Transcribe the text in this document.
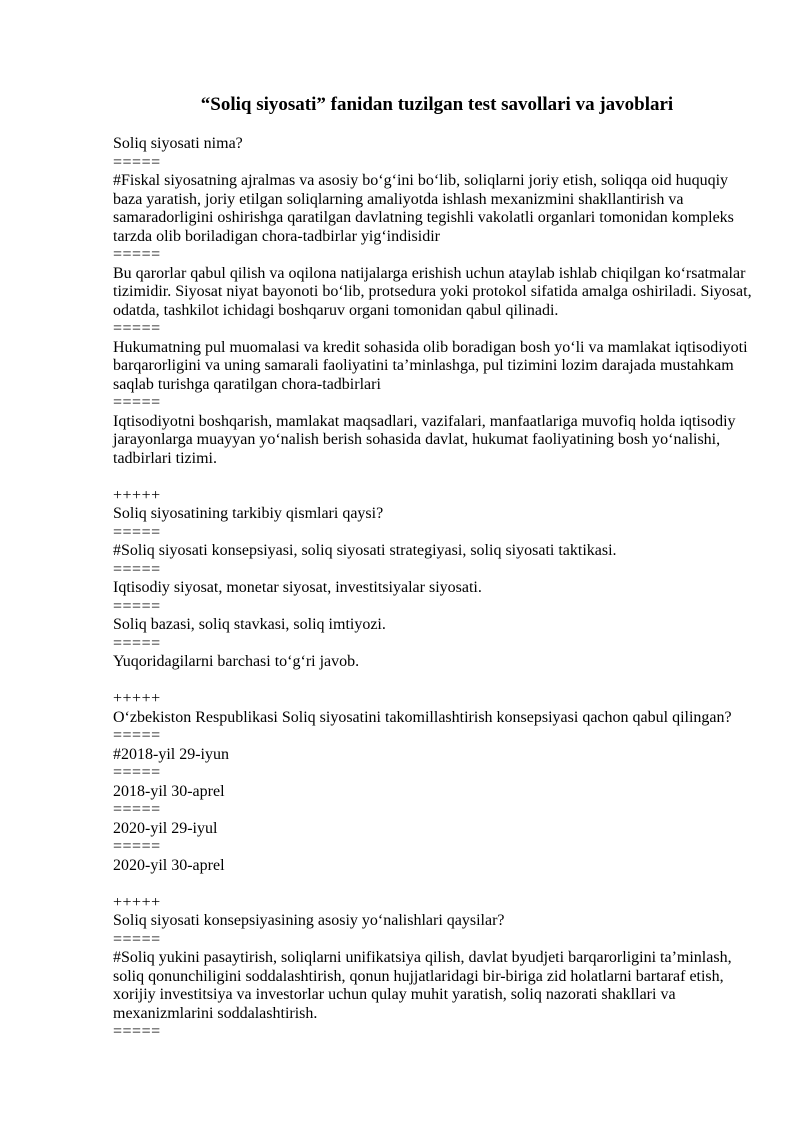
“Soliq siyosati” fanidan tuzilgan test savollari va javoblari
Soliq siyosati nima?
=====
#Fiskal siyosatning ajralmas va asosiy boʻgʻini boʻlib, soliqlarni joriy etish, soliqqa oid huquqiy baza yaratish, joriy etilgan soliqlarning amaliyotda ishlash mexanizmini shakllantirish va samaradorligini oshirishga qaratilgan davlatning tegishli vakolatli organlari tomonidan kompleks tarzda olib boriladigan chora-tadbirlar yigʻindisidir
=====
Bu qarorlar qabul qilish va oqilona natijalarga erishish uchun ataylab ishlab chiqilgan koʻrsatmalar tizimidir. Siyosat niyat bayonoti boʻlib, protsedura yoki protokol sifatida amalga oshiriladi. Siyosat, odatda, tashkilot ichidagi boshqaruv organi tomonidan qabul qilinadi.
=====
Hukumatning pul muomalasi va kredit sohasida olib boradigan bosh yoʻli va mamlakat iqtisodiyoti barqarorligini va uning samarali faoliyatini ta’minlashga, pul tizimini lozim darajada mustahkam saqlab turishga qaratilgan chora-tadbirlari
=====
Iqtisodiyotni boshqarish, mamlakat maqsadlari, vazifalari, manfaatlariga muvofiq holda iqtisodiy jarayonlarga muayyan yoʻnalish berish sohasida davlat, hukumat faoliyatining bosh yoʻnalishi, tadbirlari tizimi.

+++++
Soliq siyosatining tarkibiy qismlari qaysi?
=====
#Soliq siyosati konsepsiyasi, soliq siyosati strategiyasi, soliq siyosati taktikasi.
=====
Iqtisodiy siyosat, monetar siyosat, investitsiyalar siyosati.
=====
Soliq bazasi, soliq stavkasi, soliq imtiyozi.
=====
Yuqoridagilarni barchasi toʻgʻri javob.

+++++
Oʻzbekiston Respublikasi Soliq siyosatini takomillashtirish konsepsiyasi qachon qabul qilingan?
=====
#2018-yil 29-iyun
=====
2018-yil 30-aprel
=====
2020-yil 29-iyul
=====
2020-yil 30-aprel

+++++
Soliq siyosati konsepsiyasining asosiy yoʻnalishlari qaysilar?
=====
#Soliq yukini pasaytirish, soliqlarni unifikatsiya qilish, davlat byudjeti barqarorligini ta’minlash, soliq qonunchiligini soddalashtirish, qonun hujjatlaridagi bir-biriga zid holatlarni bartaraf etish, xorijiy investitsiya va investorlar uchun qulay muhit yaratish, soliq nazorati shakllari va mexanizmlarini soddalashtirish.
=====
